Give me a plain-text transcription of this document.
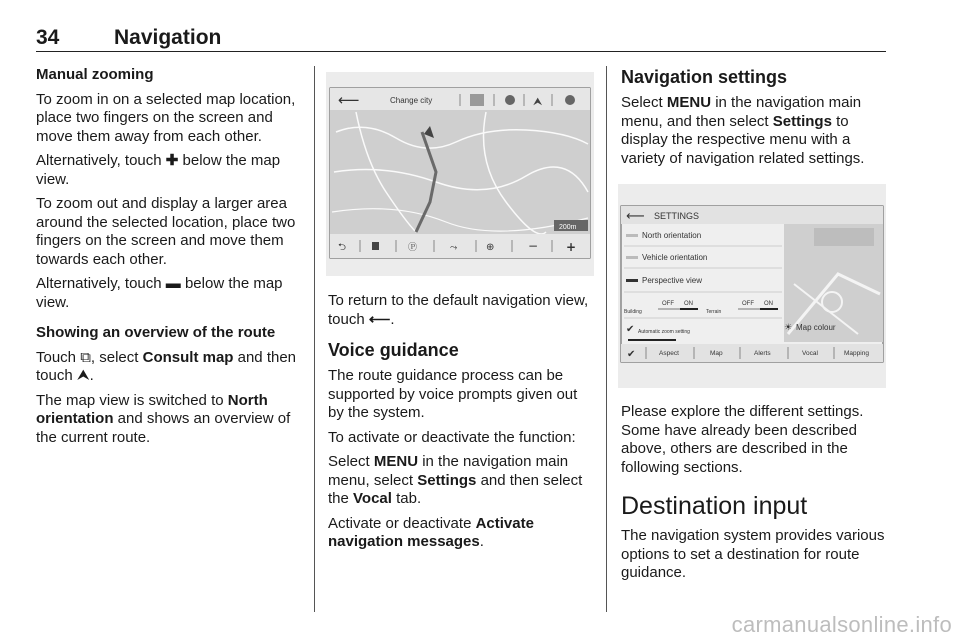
34	Navigation

Manual zooming

To zoom in on a selected map location, place two fingers on the screen and move them away from each other.

Alternatively, touch ✚ below the map view.

To zoom out and display a larger area around the selected location, place two fingers on the screen and move them towards each other.

Alternatively, touch ▬ below the map view.

Showing an overview of the route

Touch ⧉, select Consult map and then touch ⮝.

The map view is switched to North orientation and shows an overview of the current route.

⟵	Change city	⮝
200m
⮌	Ⓟ	⤳	⊕	− +

To return to the default navigation view, touch ⟵.

Voice guidance

The route guidance process can be supported by voice prompts given out by the system.

To activate or deactivate the function:

Select MENU in the navigation main menu, select Settings and then select the Vocal tab.

Activate or deactivate Activate navigation messages.

Navigation settings

Select MENU in the navigation main menu, and then select Settings to display the respective menu with a variety of navigation related settings.

⟵ SETTINGS
North orientation
Vehicle orientation
Perspective view
Building
OFF ON
Terrain
OFF ON
✔ Automatic zoom setting	☀ Map colour
✔	Aspect	Map	Alerts	Vocal	Mapping

Please explore the different settings. Some have already been described above, others are described in the following sections.

Destination input

The navigation system provides various options to set a destination for route guidance.

carmanualsonline.info
